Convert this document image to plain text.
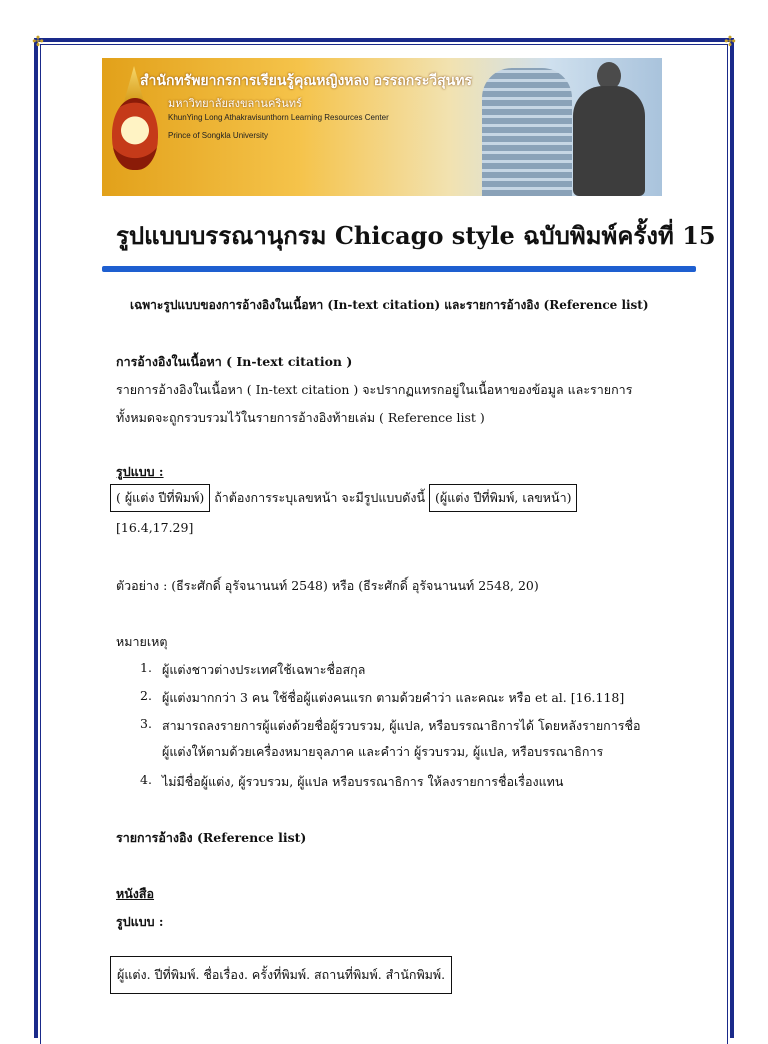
✣	✣
สำนักทรัพยากรการเรียนรู้คุณหญิงหลง อรรถกระวีสุนทร
มหาวิทยาลัยสงขลานครินทร์
KhunYing Long Athakravisunthorn Learning Resources Center
Prince of Songkla University
รูปแบบบรรณานุกรม Chicago style ฉบับพิมพ์ครั้งที่ 15
เฉพาะรูปแบบของการอ้างอิงในเนื้อหา (In-text citation) และรายการอ้างอิง (Reference list)
การอ้างอิงในเนื้อหา ( In-text citation )
รายการอ้างอิงในเนื้อหา ( In-text citation ) จะปรากฏแทรกอยู่ในเนื้อหาของข้อมูล และรายการ
ทั้งหมดจะถูกรวบรวมไว้ในรายการอ้างอิงท้ายเล่ม ( Reference list )
รูปแบบ :
( ผู้แต่ง ปีที่พิมพ์) ถ้าต้องการระบุเลขหน้า จะมีรูปแบบดังนี้ (ผู้แต่ง ปีที่พิมพ์, เลขหน้า)
[16.4,17.29]
ตัวอย่าง : (ธีระศักดิ์ อุรัจนานนท์ 2548) หรือ (ธีระศักดิ์ อุรัจนานนท์ 2548, 20)
หมายเหตุ
1. ผู้แต่งชาวต่างประเทศใช้เฉพาะชื่อสกุล
2. ผู้แต่งมากกว่า 3 คน ใช้ชื่อผู้แต่งคนแรก ตามด้วยคำว่า และคณะ หรือ et al. [16.118]
3. สามารถลงรายการผู้แต่งด้วยชื่อผู้รวบรวม, ผู้แปล, หรือบรรณาธิการได้ โดยหลังรายการชื่อ
ผู้แต่งให้ตามด้วยเครื่องหมายจุลภาค และคำว่า ผู้รวบรวม, ผู้แปล, หรือบรรณาธิการ
4. ไม่มีชื่อผู้แต่ง, ผู้รวบรวม, ผู้แปล หรือบรรณาธิการ ให้ลงรายการชื่อเรื่องแทน
รายการอ้างอิง (Reference list)
หนังสือ
รูปแบบ :
ผู้แต่ง. ปีที่พิมพ์. ชื่อเรื่อง. ครั้งที่พิมพ์. สถานที่พิมพ์. สำนักพิมพ์.
